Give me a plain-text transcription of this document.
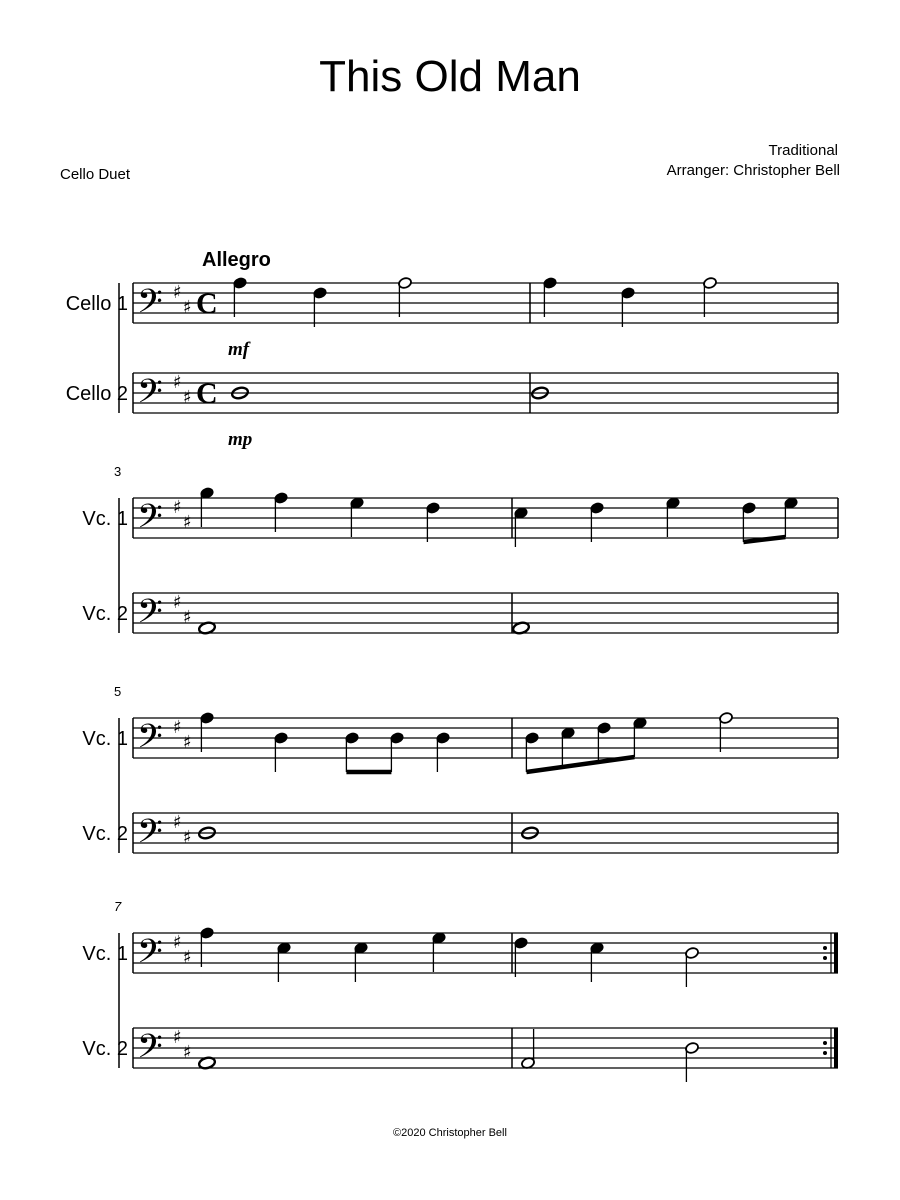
This Old Man
Cello Duet
Traditional
Arranger: Christopher Bell
Cello 1 𝄢 ♯
♯ C
Cello 2 𝄢 ♯
♯ C
3
Vc. 1 𝄢 ♯
♯
Vc. 2 𝄢 ♯
♯
5
Vc. 1 𝄢 ♯
♯
Vc. 2 𝄢 ♯
♯
7
Vc. 1 𝄢 ♯
♯
Vc. 2 𝄢 ♯
♯
Allegro
mf
mp
©2020 Christopher Bell
